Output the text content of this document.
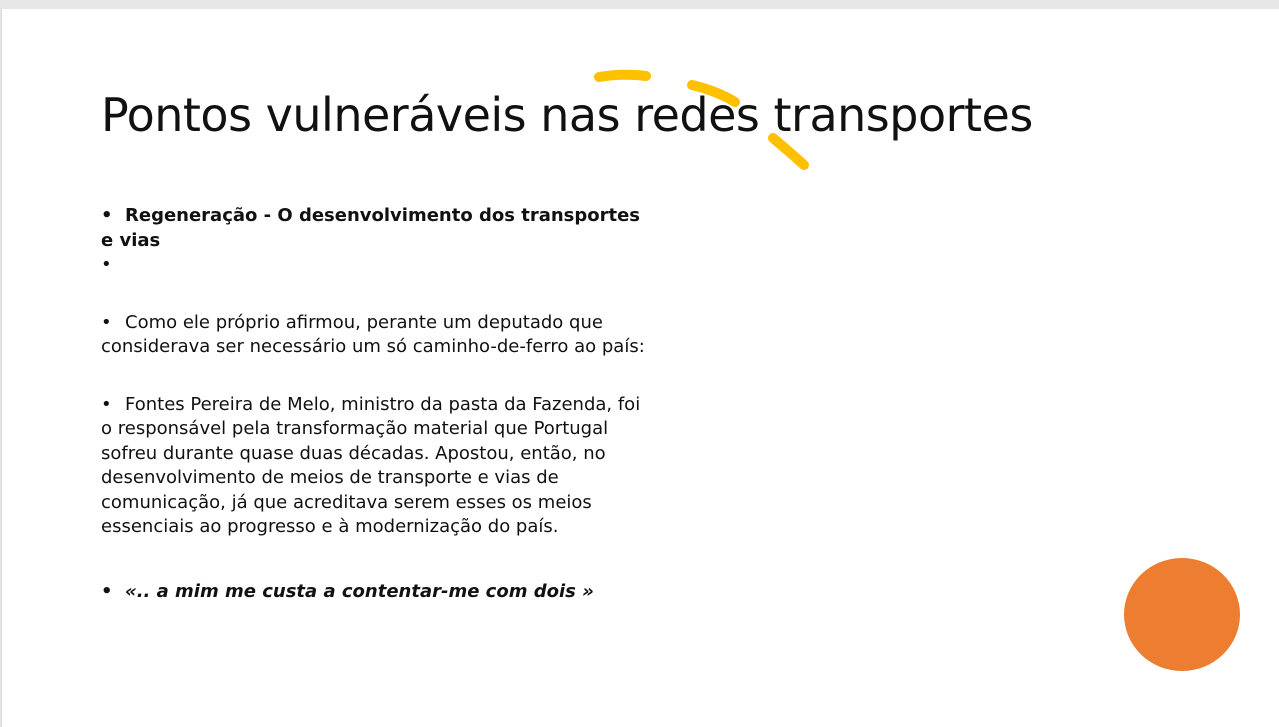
Pontos vulneráveis nas redes transportes
• Regeneração - O desenvolvimento dos transportes e vias
•
• Como ele próprio afirmou, perante um deputado que considerava ser necessário um só caminho-de-ferro ao país:
• Fontes Pereira de Melo, ministro da pasta da Fazenda, foi o responsável pela transformação material que Portugal sofreu durante quase duas décadas. Apostou, então, no desenvolvimento de meios de transporte e vias de comunicação, já que acreditava serem esses os meios essenciais ao progresso e à modernização do país.
• «.. a mim me custa a contentar-me com dois »
